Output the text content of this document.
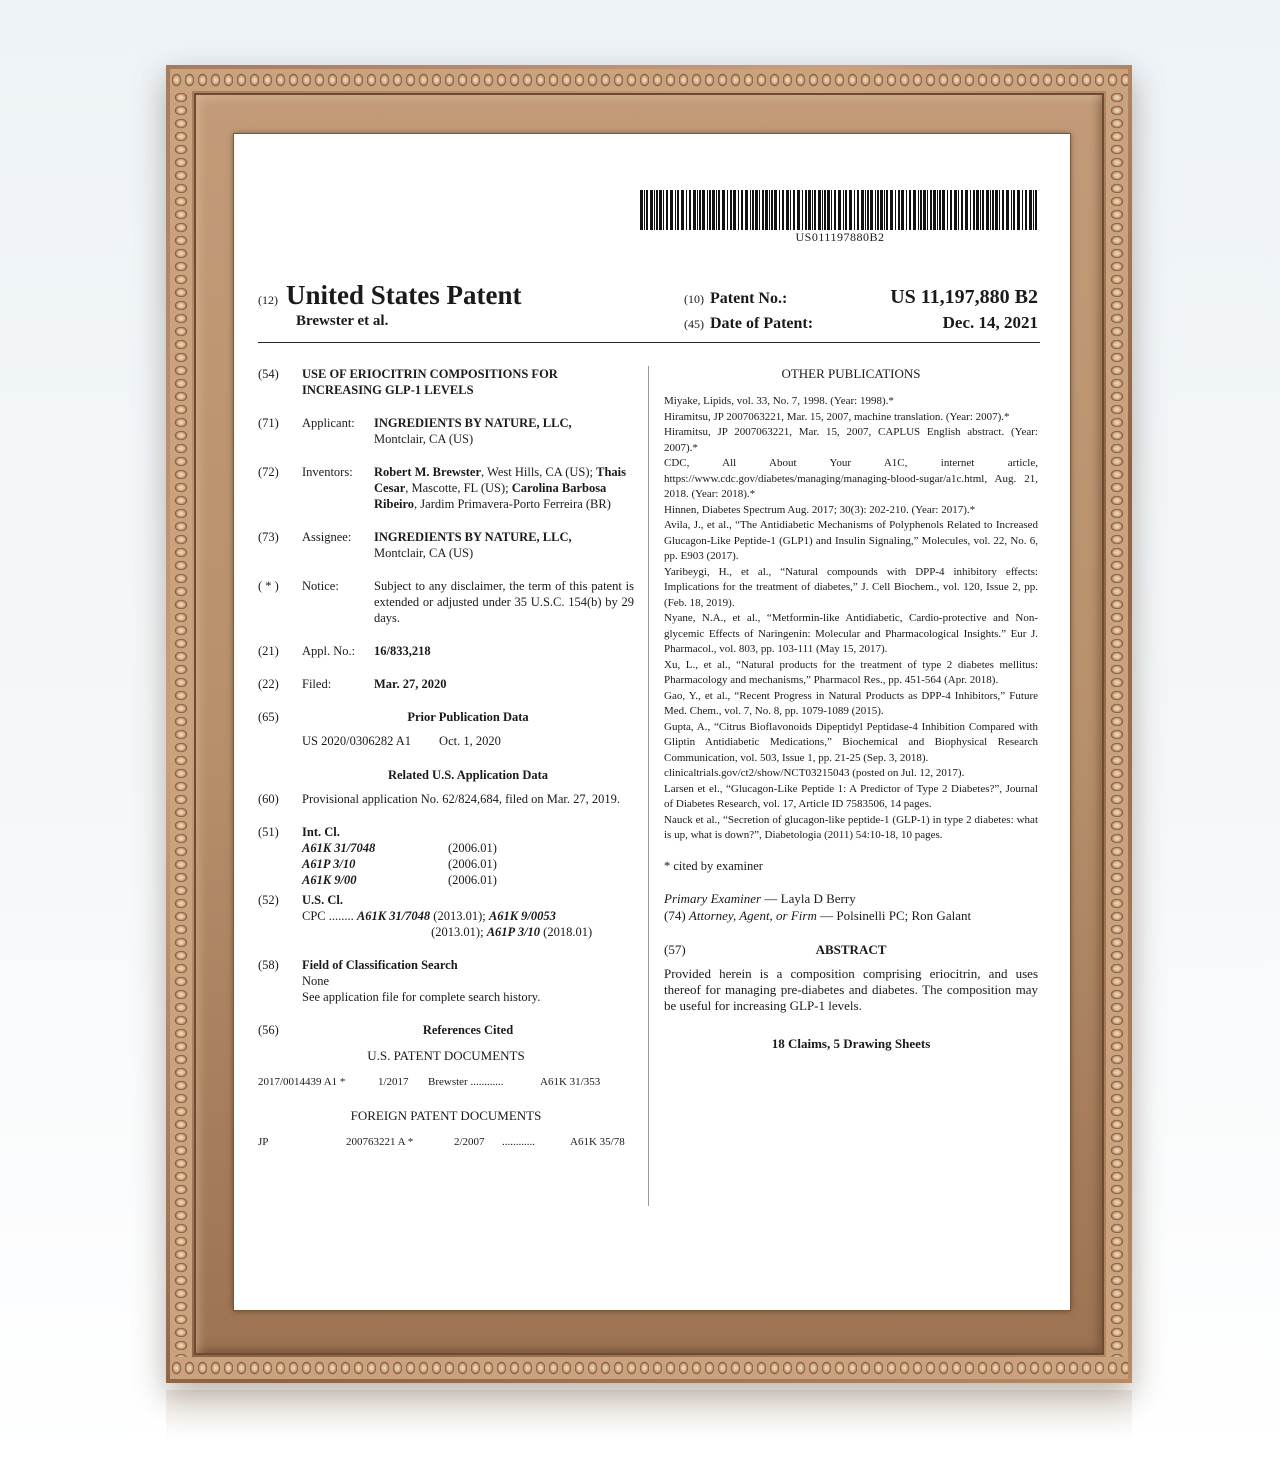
US011197880B2
(12) United States Patent
Brewster et al.
(10) Patent No.:	US 11,197,880 B2
(45) Date of Patent:	Dec. 14, 2021
(54)	USE OF ERIOCITRIN COMPOSITIONS FOR INCREASING GLP-1 LEVELS
(71)	Applicant:	INGREDIENTS BY NATURE, LLC,
Montclair, CA (US)
(72)	Inventors:	Robert M. Brewster, West Hills, CA (US); Thais Cesar, Mascotte, FL (US); Carolina Barbosa Ribeiro, Jardim Primavera-Porto Ferreira (BR)
(73)	Assignee:	INGREDIENTS BY NATURE, LLC,
Montclair, CA (US)
( * )	Notice:	Subject to any disclaimer, the term of this patent is extended or adjusted under 35 U.S.C. 154(b) by 29 days.
(21)	Appl. No.:	16/833,218
(22)	Filed:	Mar. 27, 2020
(65)	Prior Publication Data
US 2020/0306282 A1 Oct. 1, 2020
Related U.S. Application Data
(60)	Provisional application No. 62/824,684, filed on Mar. 27, 2019.
(51)	Int. Cl.
A61K 31/7048	(2006.01)
A61P 3/10	(2006.01)
A61K 9/00	(2006.01)
(52)	U.S. Cl.
CPC ........ A61K 31/7048 (2013.01); A61K 9/0053
(2013.01); A61P 3/10 (2018.01)
(58)	Field of Classification Search
None
See application file for complete search history.
(56)	References Cited
U.S. PATENT DOCUMENTS
2017/0014439 A1 *	1/2017	Brewster ............	A61K 31/353
FOREIGN PATENT DOCUMENTS
JP	200763221 A *	2/2007	............	A61K 35/78
OTHER PUBLICATIONS
Miyake, Lipids, vol. 33, No. 7, 1998. (Year: 1998).*
Hiramitsu, JP 2007063221, Mar. 15, 2007, machine translation. (Year: 2007).*
Hiramitsu, JP 2007063221, Mar. 15, 2007, CAPLUS English abstract. (Year: 2007).*
CDC, All About Your A1C, internet article, https://www.cdc.gov/diabetes/managing/managing-blood-sugar/a1c.html, Aug. 21, 2018. (Year: 2018).*
Hinnen, Diabetes Spectrum Aug. 2017; 30(3): 202-210. (Year: 2017).*
Avila, J., et al., “The Antidiabetic Mechanisms of Polyphenols Related to Increased Glucagon-Like Peptide-1 (GLP1) and Insulin Signaling,” Molecules, vol. 22, No. 6, pp. E903 (2017).
Yaribeygi, H., et al., “Natural compounds with DPP-4 inhibitory effects: Implications for the treatment of diabetes,” J. Cell Biochem., vol. 120, Issue 2, pp. (Feb. 18, 2019).
Nyane, N.A., et al., “Metformin-like Antidiabetic, Cardio-protective and Non-glycemic Effects of Naringenin: Molecular and Pharmacological Insights.” Eur J. Pharmacol., vol. 803, pp. 103-111 (May 15, 2017).
Xu, L., et al., “Natural products for the treatment of type 2 diabetes mellitus: Pharmacology and mechanisms,” Pharmacol Res., pp. 451-564 (Apr. 2018).
Gao, Y., et al., “Recent Progress in Natural Products as DPP-4 Inhibitors,” Future Med. Chem., vol. 7, No. 8, pp. 1079-1089 (2015).
Gupta, A., “Citrus Bioflavonoids Dipeptidyl Peptidase-4 Inhibition Compared with Gliptin Antidiabetic Medications,” Biochemical and Biophysical Research Communication, vol. 503, Issue 1, pp. 21-25 (Sep. 3, 2018).
clinicaltrials.gov/ct2/show/NCT03215043 (posted on Jul. 12, 2017).
Larsen et el., “Glucagon-Like Peptide 1: A Predictor of Type 2 Diabetes?”, Journal of Diabetes Research, vol. 17, Article ID 7583506, 14 pages.
Nauck et al., “Secretion of glucagon-like peptide-1 (GLP-1) in type 2 diabetes: what is up, what is down?”, Diabetologia (2011) 54:10-18, 10 pages.
* cited by examiner
Primary Examiner — Layla D Berry
(74) Attorney, Agent, or Firm — Polsinelli PC; Ron Galant
(57)	ABSTRACT
Provided herein is a composition comprising eriocitrin, and uses thereof for managing pre-diabetes and diabetes. The composition may be useful for increasing GLP-1 levels.
18 Claims, 5 Drawing Sheets
